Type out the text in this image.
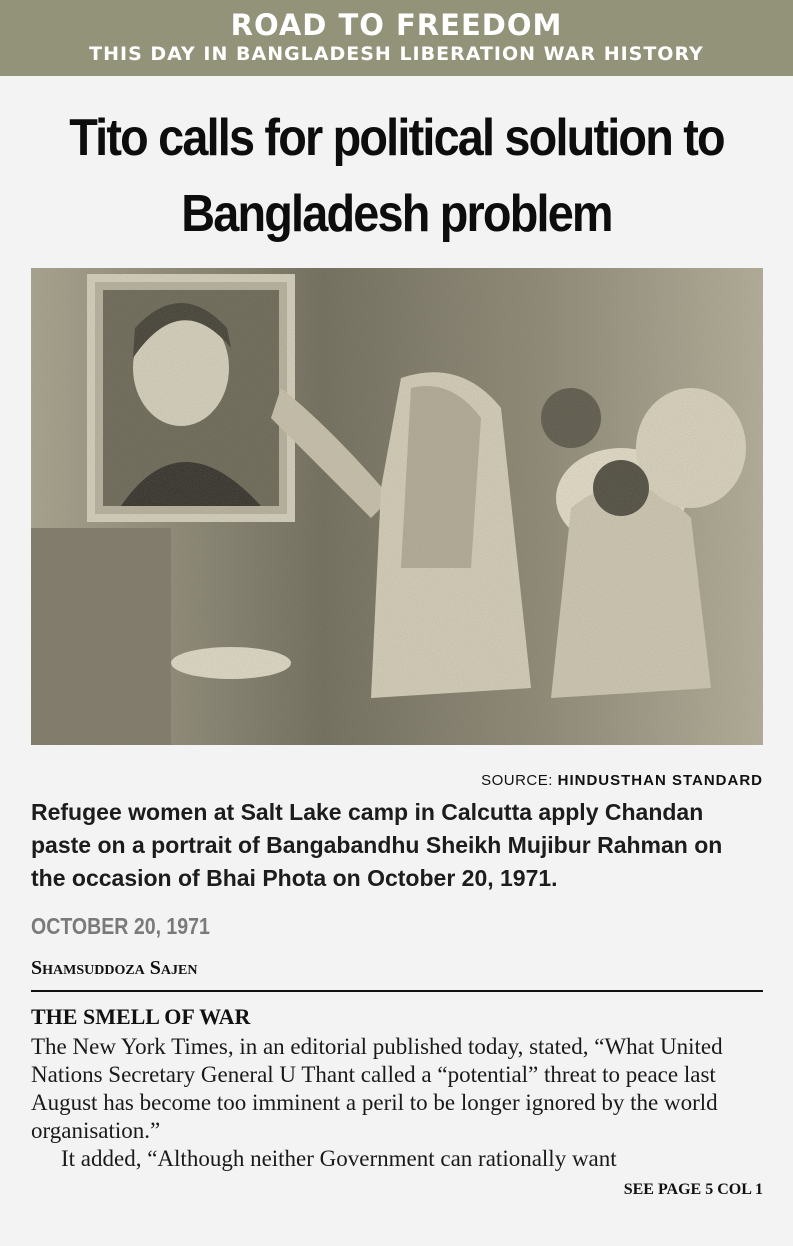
ROAD TO FREEDOM
THIS DAY IN BANGLADESH LIBERATION WAR HISTORY
Tito calls for political solution to Bangladesh problem
SOURCE: HINDUSTHAN STANDARD
Refugee women at Salt Lake camp in Calcutta apply Chandan paste on a portrait of Bangabandhu Sheikh Mujibur Rahman on the occasion of Bhai Phota on October 20, 1971.
OCTOBER 20, 1971
Shamsuddoza Sajen
THE SMELL OF WAR

The New York Times, in an editorial published today, stated, “What United Nations Secretary General U Thant called a “potential” threat to peace last August has become too imminent a peril to be longer ignored by the world organisation.”

It added, “Although neither Government can rationally want

SEE PAGE 5 COL 1
